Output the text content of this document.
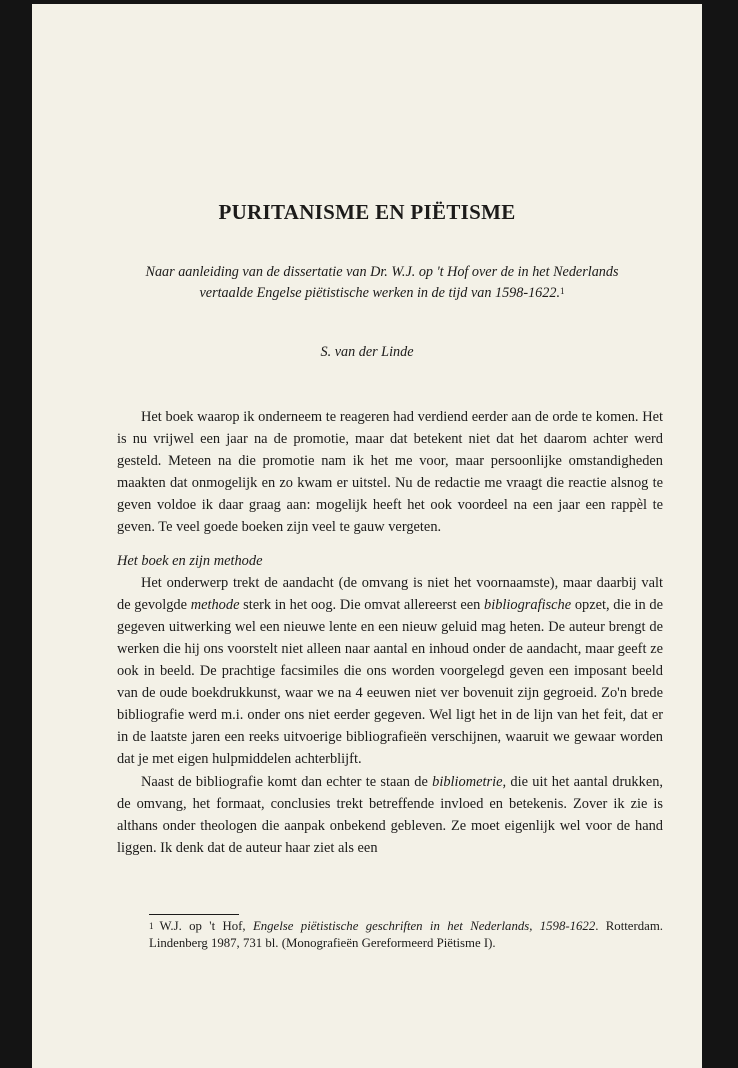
PURITANISME EN PIËTISME
Naar aanleiding van de dissertatie van Dr. W.J. op 't Hof over de in het Nederlands vertaalde Engelse piëtistische werken in de tijd van 1598-1622.$^1$
S. van der Linde

Het boek waarop ik onderneem te reageren had verdiend eerder aan de orde te komen. Het is nu vrijwel een jaar na de promotie, maar dat betekent niet dat het daarom achter werd gesteld. Meteen na die promotie nam ik het me voor, maar persoonlijke omstandigheden maakten dat onmogelijk en zo kwam er uitstel. Nu de redactie me vraagt die reactie alsnog te geven voldoe ik daar graag aan: mogelijk heeft het ook voordeel na een jaar een rappèl te geven. Te veel goede boeken zijn veel te gauw vergeten.

Het boek en zijn methode

Het onderwerp trekt de aandacht (de omvang is niet het voornaamste), maar daarbij valt de gevolgde methode sterk in het oog. Die omvat allereerst een bibliografische opzet, die in de gegeven uitwerking wel een nieuwe lente en een nieuw geluid mag heten. De auteur brengt de werken die hij ons voorstelt niet alleen naar aantal en inhoud onder de aandacht, maar geeft ze ook in beeld. De prachtige facsimiles die ons worden voorgelegd geven een imposant beeld van de oude boekdrukkunst, waar we na 4 eeuwen niet ver bovenuit zijn gegroeid. Zo'n brede bibliografie werd m.i. onder ons niet eerder gegeven. Wel ligt het in de lijn van het feit, dat er in de laatste jaren een reeks uitvoerige bibliografieën verschijnen, waaruit we gewaar worden dat je met eigen hulpmiddelen achterblijft.

Naast de bibliografie komt dan echter te staan de bibliometrie, die uit het aantal drukken, de omvang, het formaat, conclusies trekt betreffende invloed en betekenis. Zover ik zie is althans onder theologen die aanpak onbekend gebleven. Ze moet eigenlijk wel voor de hand liggen. Ik denk dat de auteur haar ziet als een

$^1$ W.J. op 't Hof, Engelse piëtistische geschriften in het Nederlands, 1598-1622. Rotterdam. Lindenberg 1987, 731 bl. (Monografieën Gereformeerd Piëtisme I).
